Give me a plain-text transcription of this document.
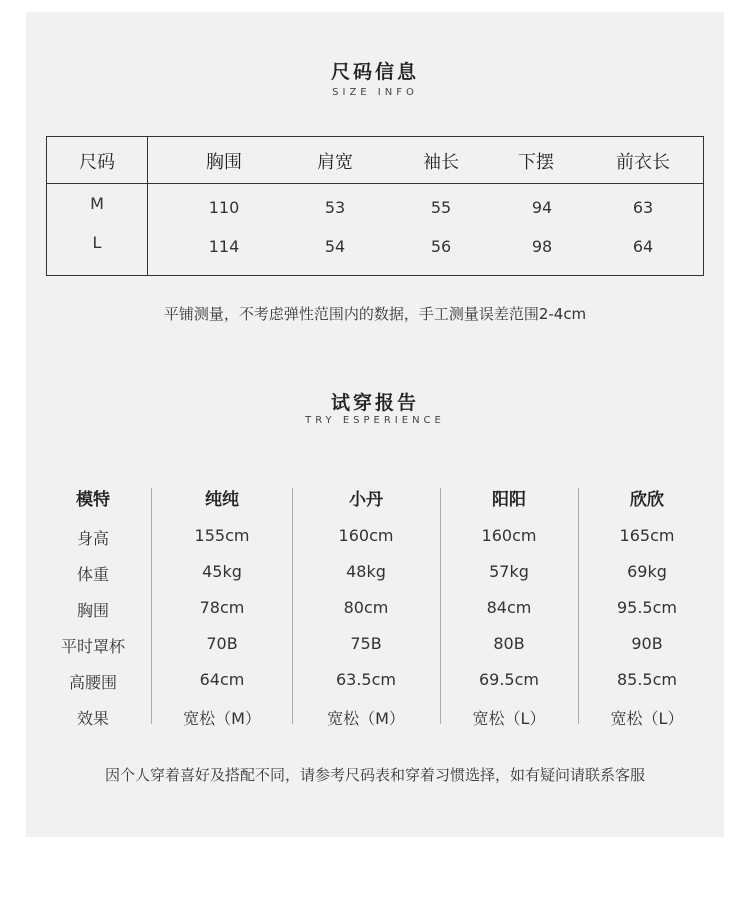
尺码信息
SIZE INFO
尺码	胸围	肩宽	袖长	下摆	前衣长
M	110	53	55	94	63
L	114	54	56	98	64
平铺测量，不考虑弹性范围内的数据，手工测量误差范围2-4cm
试穿报告
TRY ESPERIENCE
模特	纯纯	小丹	阳阳	欣欣
身高	155cm	160cm	160cm	165cm
体重	45kg	48kg	57kg	69kg
胸围	78cm	80cm	84cm	95.5cm
平时罩杯	70B	75B	80B	90B
高腰围	64cm	63.5cm	69.5cm	85.5cm
效果	宽松（M）	宽松（M）	宽松（L）	宽松（L）
因个人穿着喜好及搭配不同，请参考尺码表和穿着习惯选择，如有疑问请联系客服
